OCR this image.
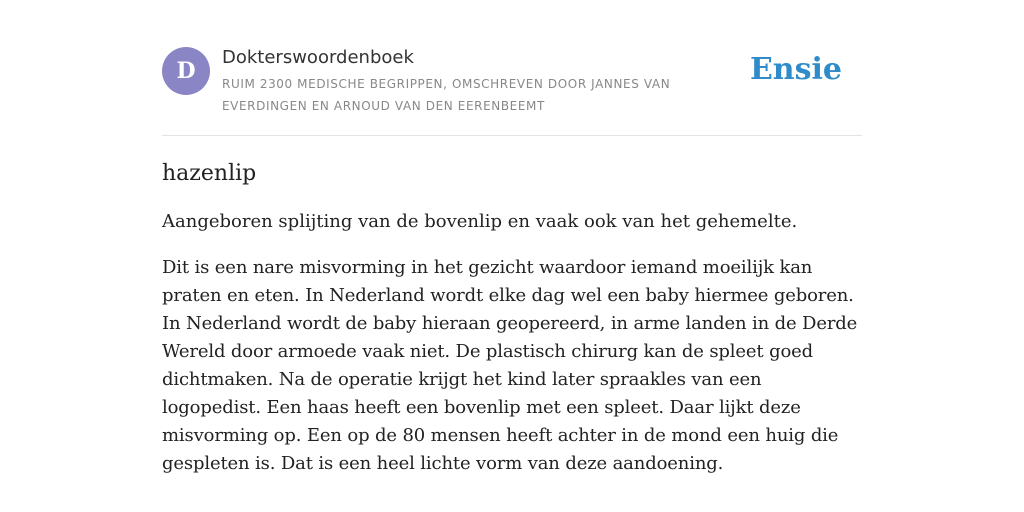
D
Dokterswoordenboek
RUIM 2300 MEDISCHE BEGRIPPEN, OMSCHREVEN DOOR JANNES VAN EVERDINGEN EN ARNOUD VAN DEN EERENBEEMT
Ensie
hazenlip

Aangeboren splijting van de bovenlip en vaak ook van het gehemelte.

Dit is een nare misvorming in het gezicht waardoor iemand moeilijk kan praten en eten. In Nederland wordt elke dag wel een baby hiermee geboren. In Nederland wordt de baby hieraan geopereerd, in arme landen in de Derde Wereld door armoede vaak niet. De plastisch chirurg kan de spleet goed dichtmaken. Na de operatie krijgt het kind later spraakles van een logopedist. Een haas heeft een bovenlip met een spleet. Daar lijkt deze misvorming op. Een op de 80 mensen heeft achter in de mond een huig die gespleten is. Dat is een heel lichte vorm van deze aandoening.
